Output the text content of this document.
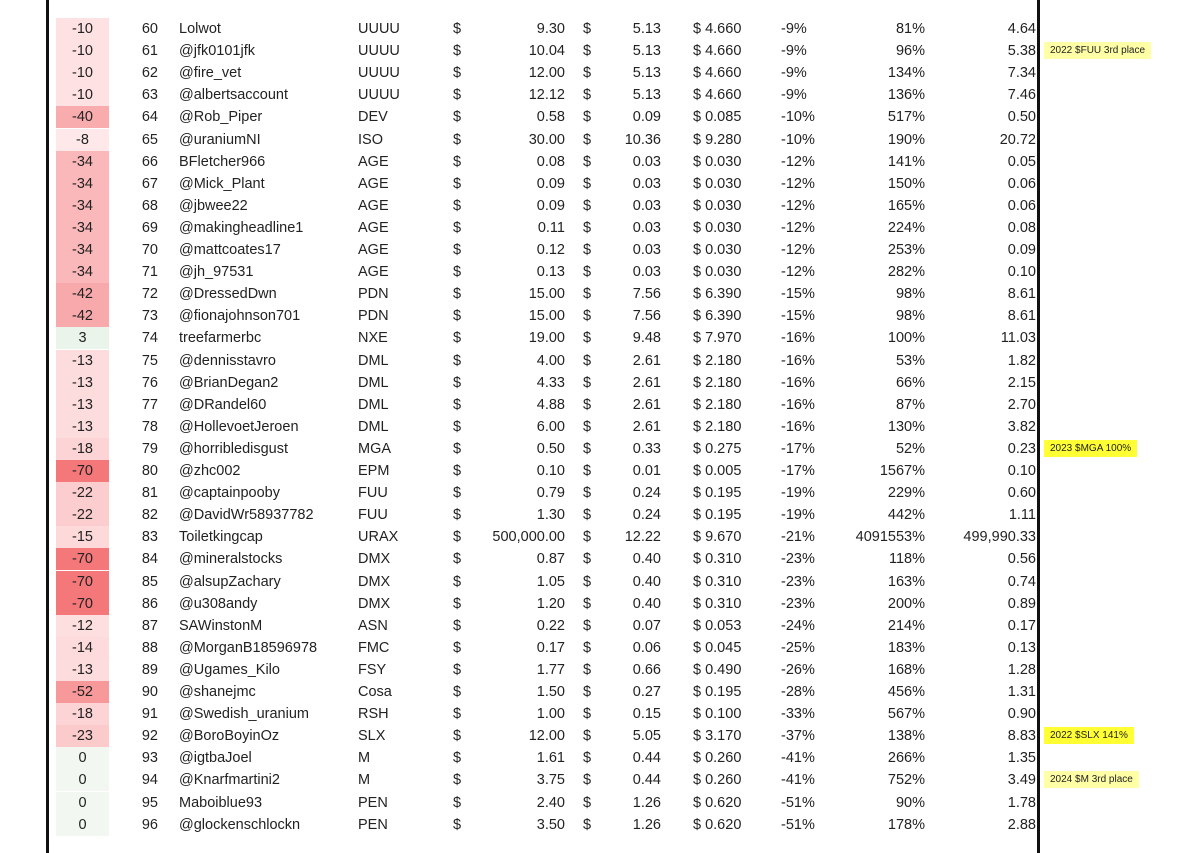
-10	60 Lolwot	UUUU	$	9.30 $	5.13 $ 4.660	-9%	81%	4.64
-10	61 @jfk0101jfk	UUUU	$	10.04 $	5.13 $ 4.660	-9%	96%	5.38	2022 $FUU 3rd place
-10	62 @fire_vet	UUUU	$	12.00 $	5.13 $ 4.660	-9%	134%	7.34
-10	63 @albertsaccount	UUUU	$	12.12 $	5.13 $ 4.660	-9%	136%	7.46
-40	64 @Rob_Piper	DEV	$	0.58 $	0.09 $ 0.085	-10%	517%	0.50
-8	65 @uraniumNI	ISO	$	30.00 $	10.36 $ 9.280	-10%	190%	20.72
-34	66 BFletcher966	AGE	$	0.08 $	0.03 $ 0.030	-12%	141%	0.05
-34	67 @Mick_Plant	AGE	$	0.09 $	0.03 $ 0.030	-12%	150%	0.06
-34	68 @jbwee22	AGE	$	0.09 $	0.03 $ 0.030	-12%	165%	0.06
-34	69 @makingheadline1	AGE	$	0.11 $	0.03 $ 0.030	-12%	224%	0.08
-34	70 @mattcoates17	AGE	$	0.12 $	0.03 $ 0.030	-12%	253%	0.09
-34	71 @jh_97531	AGE	$	0.13 $	0.03 $ 0.030	-12%	282%	0.10
-42	72 @DressedDwn	PDN	$	15.00 $	7.56 $ 6.390	-15%	98%	8.61
-42	73 @fionajohnson701	PDN	$	15.00 $	7.56 $ 6.390	-15%	98%	8.61
3	74 treefarmerbc	NXE	$	19.00 $	9.48 $ 7.970	-16%	100%	11.03
-13	75 @dennisstavro	DML	$	4.00 $	2.61 $ 2.180	-16%	53%	1.82
-13	76 @BrianDegan2	DML	$	4.33 $	2.61 $ 2.180	-16%	66%	2.15
-13	77 @DRandel60	DML	$	4.88 $	2.61 $ 2.180	-16%	87%	2.70
-13	78 @HollevoetJeroen	DML	$	6.00 $	2.61 $ 2.180	-16%	130%	3.82
-18	79 @horribledisgust	MGA	$	0.50 $	0.33 $ 0.275	-17%	52%	0.23	2023 $MGA 100%
-70	80 @zhc002	EPM	$	0.10 $	0.01 $ 0.005	-17%	1567%	0.10
-22	81 @captainpooby	FUU	$	0.79 $	0.24 $ 0.195	-19%	229%	0.60
-22	82 @DavidWr58937782	FUU	$	1.30 $	0.24 $ 0.195	-19%	442%	1.11
-15	83 Toiletkingcap	URAX	$	500,000.00 $	12.22 $ 9.670	-21%	4091553%	499,990.33
-70	84 @mineralstocks	DMX	$	0.87 $	0.40 $ 0.310	-23%	118%	0.56
-70	85 @alsupZachary	DMX	$	1.05 $	0.40 $ 0.310	-23%	163%	0.74
-70	86 @u308andy	DMX	$	1.20 $	0.40 $ 0.310	-23%	200%	0.89
-12	87 SAWinstonM	ASN	$	0.22 $	0.07 $ 0.053	-24%	214%	0.17
-14	88 @MorganB18596978	FMC	$	0.17 $	0.06 $ 0.045	-25%	183%	0.13
-13	89 @Ugames_Kilo	FSY	$	1.77 $	0.66 $ 0.490	-26%	168%	1.28
-52	90 @shanejmc	Cosa	$	1.50 $	0.27 $ 0.195	-28%	456%	1.31
-18	91 @Swedish_uranium	RSH	$	1.00 $	0.15 $ 0.100	-33%	567%	0.90
-23	92 @BoroBoyinOz	SLX	$	12.00 $	5.05 $ 3.170	-37%	138%	8.83	2022 $SLX 141%
0	93 @igtbaJoel	M	$	1.61 $	0.44 $ 0.260	-41%	266%	1.35
0	94 @Knarfmartini2	M	$	3.75 $	0.44 $ 0.260	-41%	752%	3.49	2024 $M 3rd place
0	95 Maboiblue93	PEN	$	2.40 $	1.26 $ 0.620	-51%	90%	1.78
0	96 @glockenschlockn	PEN	$	3.50 $	1.26 $ 0.620	-51%	178%	2.88
